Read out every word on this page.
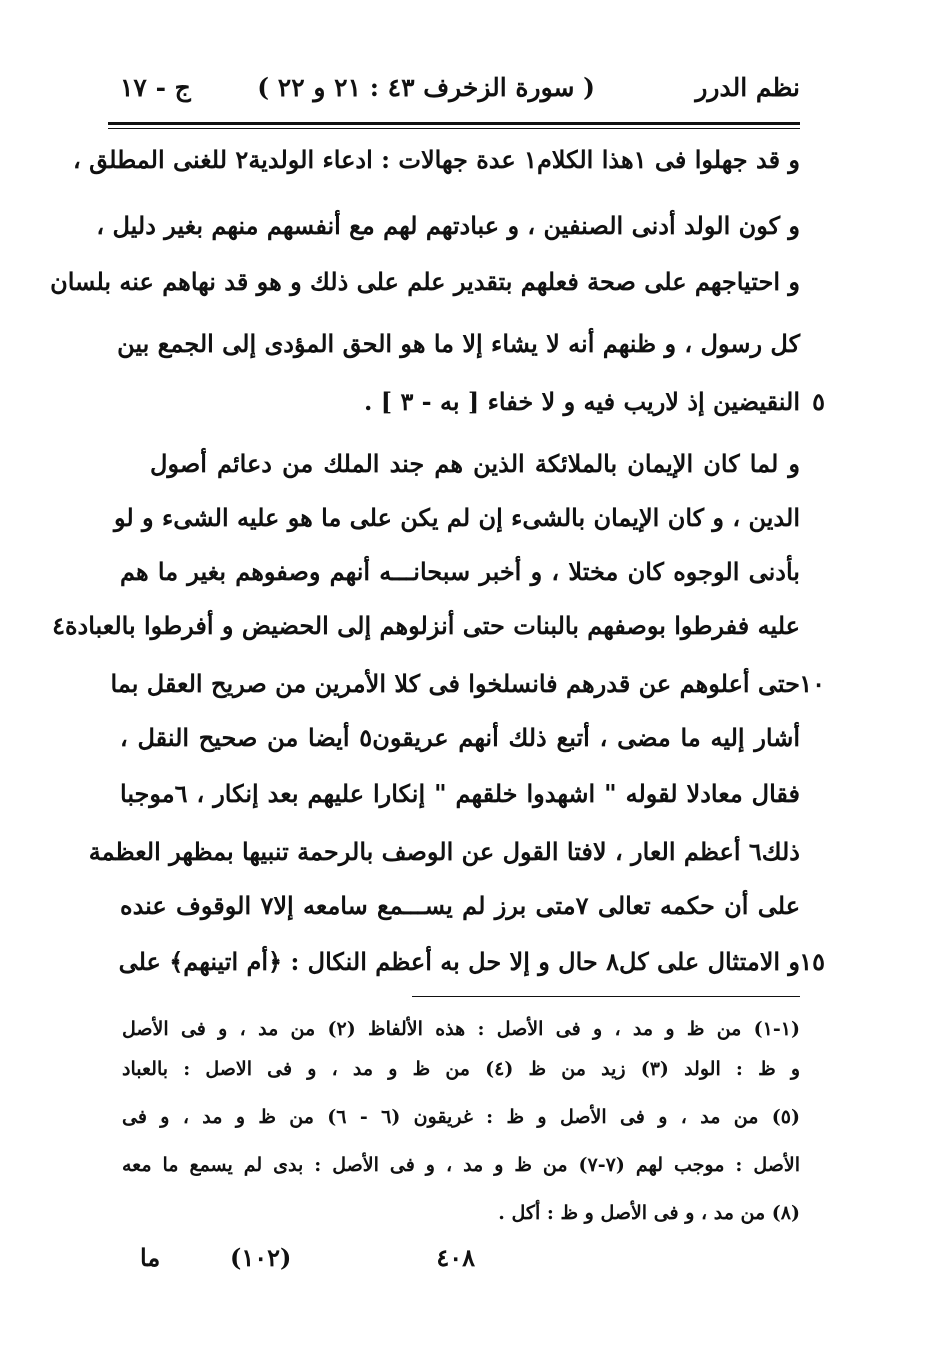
نظم الدرر
( سورة الزخرف ٤٣ : ٢١ و ٢٢ )
ج - ١٧
و قد جهلوا فى ١هذا الكلام١ عدة جهالات : ادعاء الولدية٢ للغنى المطلق ،
و كون الولد أدنى الصنفين ، و عبادتهم لهم مع أنفسهم منهم بغير دليل ،
و احتياجهم على صحة فعلهم بتقدير علم على ذلك و هو قد نهاهم عنه بلسان
كل رسول ، و ظنهم أنه لا يشاء إلا ما هو الحق المؤدى إلى الجمع بين
النقيضين إذ لاريب فيه و لا خفاء [ به - ٣ ] .
و لما كان الإيمان بالملائكة الذين هم جند الملك من دعائم أصول
الدين ، و كان الإيمان بالشىء إن لم يكن على ما هو عليه الشىء و لو
بأدنى الوجوه كان مختلا ، و أخبر سبحانـــه أنهم وصفوهم بغير ما هم
عليه ففرطوا بوصفهم بالبنات حتى أنزلوهم إلى الحضيض و أفرطوا بالعبادة٤
حتى أعلوهم عن قدرهم فانسلخوا فى كلا الأمرين من صريح العقل بما
أشار إليه ما مضى ، أتبع ذلك أنهم عريقون٥ أيضا من صحيح النقل ،
فقال معادلا لقوله " اشهدوا خلقهم " إنكارا عليهم بعد إنكار ، ٦موجبا
ذلك٦ أعظم العار ، لافتا القول عن الوصف بالرحمة تنبيها بمظهر العظمة
على أن حكمه تعالى ٧متى برز لم يســـمع سامعه إلا٧ الوقوف عنده
و الامتثال على كل٨ حال و إلا حل به أعظم النكال : ﴿أم اتينهم﴾ على
٥
١٠
١٥
(١-١) من ظ و مد ، و فى الأصل : هذه الألفاظ (٢) من مد ، و فى الأصل
و ظ : الولد (٣) زيد من ظ (٤) من ظ و مد ، و فى الاصل : بالعباد
(٥) من مد ، و فى الأصل و ظ : غريقون (٦ - ٦) من ظ و مد ، و فى
الأصل : موجب لهم (٧-٧) من ظ و مد ، و فى الأصل : بدى لم يسمع ما معه
(٨) من مد ، و فى الأصل و ظ : أكل .
٤٠٨
(١٠٢)
ما
